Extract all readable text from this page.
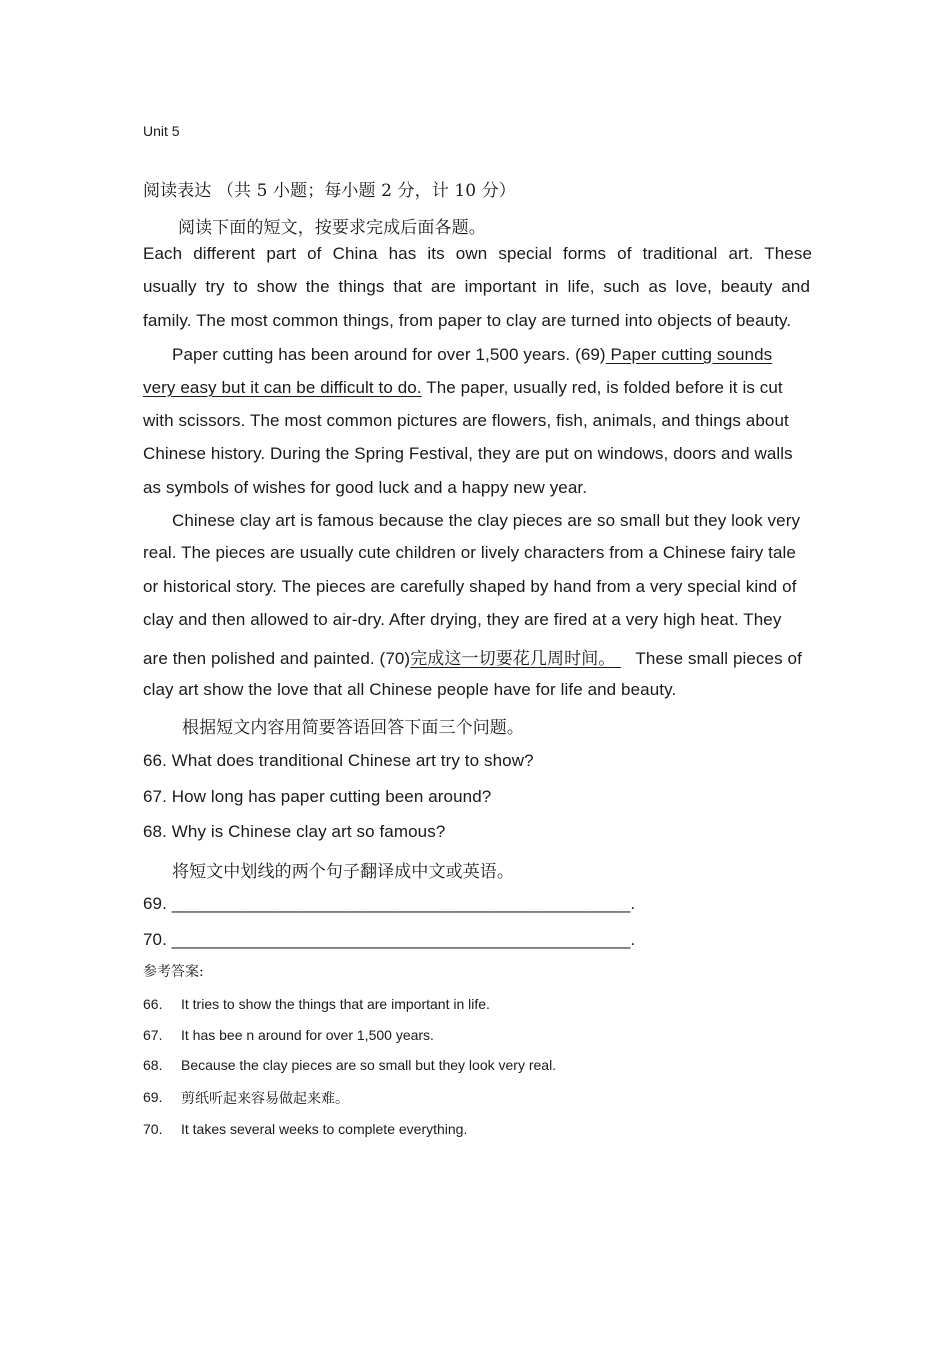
Unit 5
阅读表达 （共 5 小题；每小题 2 分，计 10 分）
阅读下面的短文，按要求完成后面各题。
Each different part of China has its own special forms of traditional art. These
usually try to show the things that are important in life, such as love, beauty and
family. The most common things, from paper to clay are turned into objects of beauty.
Paper cutting has been around for over 1,500 years. (69) Paper cutting sounds
very easy but it can be difficult to do. The paper, usually red, is folded before it is cut
with scissors. The most common pictures are flowers, fish, animals, and things about
Chinese history. During the Spring Festival, they are put on windows, doors and walls
as symbols of wishes for good luck and a happy new year.
Chinese clay art is famous because the clay pieces are so small but they look very
real. The pieces are usually cute children or lively characters from a Chinese fairy tale
or historical story. The pieces are carefully shaped by hand from a very special kind of
clay and then allowed to air-dry. After drying, they are fired at a very high heat. They
are then polished and painted. (70)完成这一切要花几周时间。    These small pieces of
clay art show the love that all Chinese people have for life and beauty.
根据短文内容用简要答语回答下面三个问题。
66. What does tranditional Chinese art try to show?
67. How long has paper cutting been around?
68. Why is Chinese clay art so famous?
将短文中划线的两个句子翻译成中文或英语。
69. ________________________________________________.
70. ________________________________________________.
参考答案:
66. It tries to show the things that are important in life.
67. It has bee n around for over 1,500 years.
68. Because the clay pieces are so small but they look very real.
69. 剪纸听起来容易做起来难。
70. It takes several weeks to complete everything.
